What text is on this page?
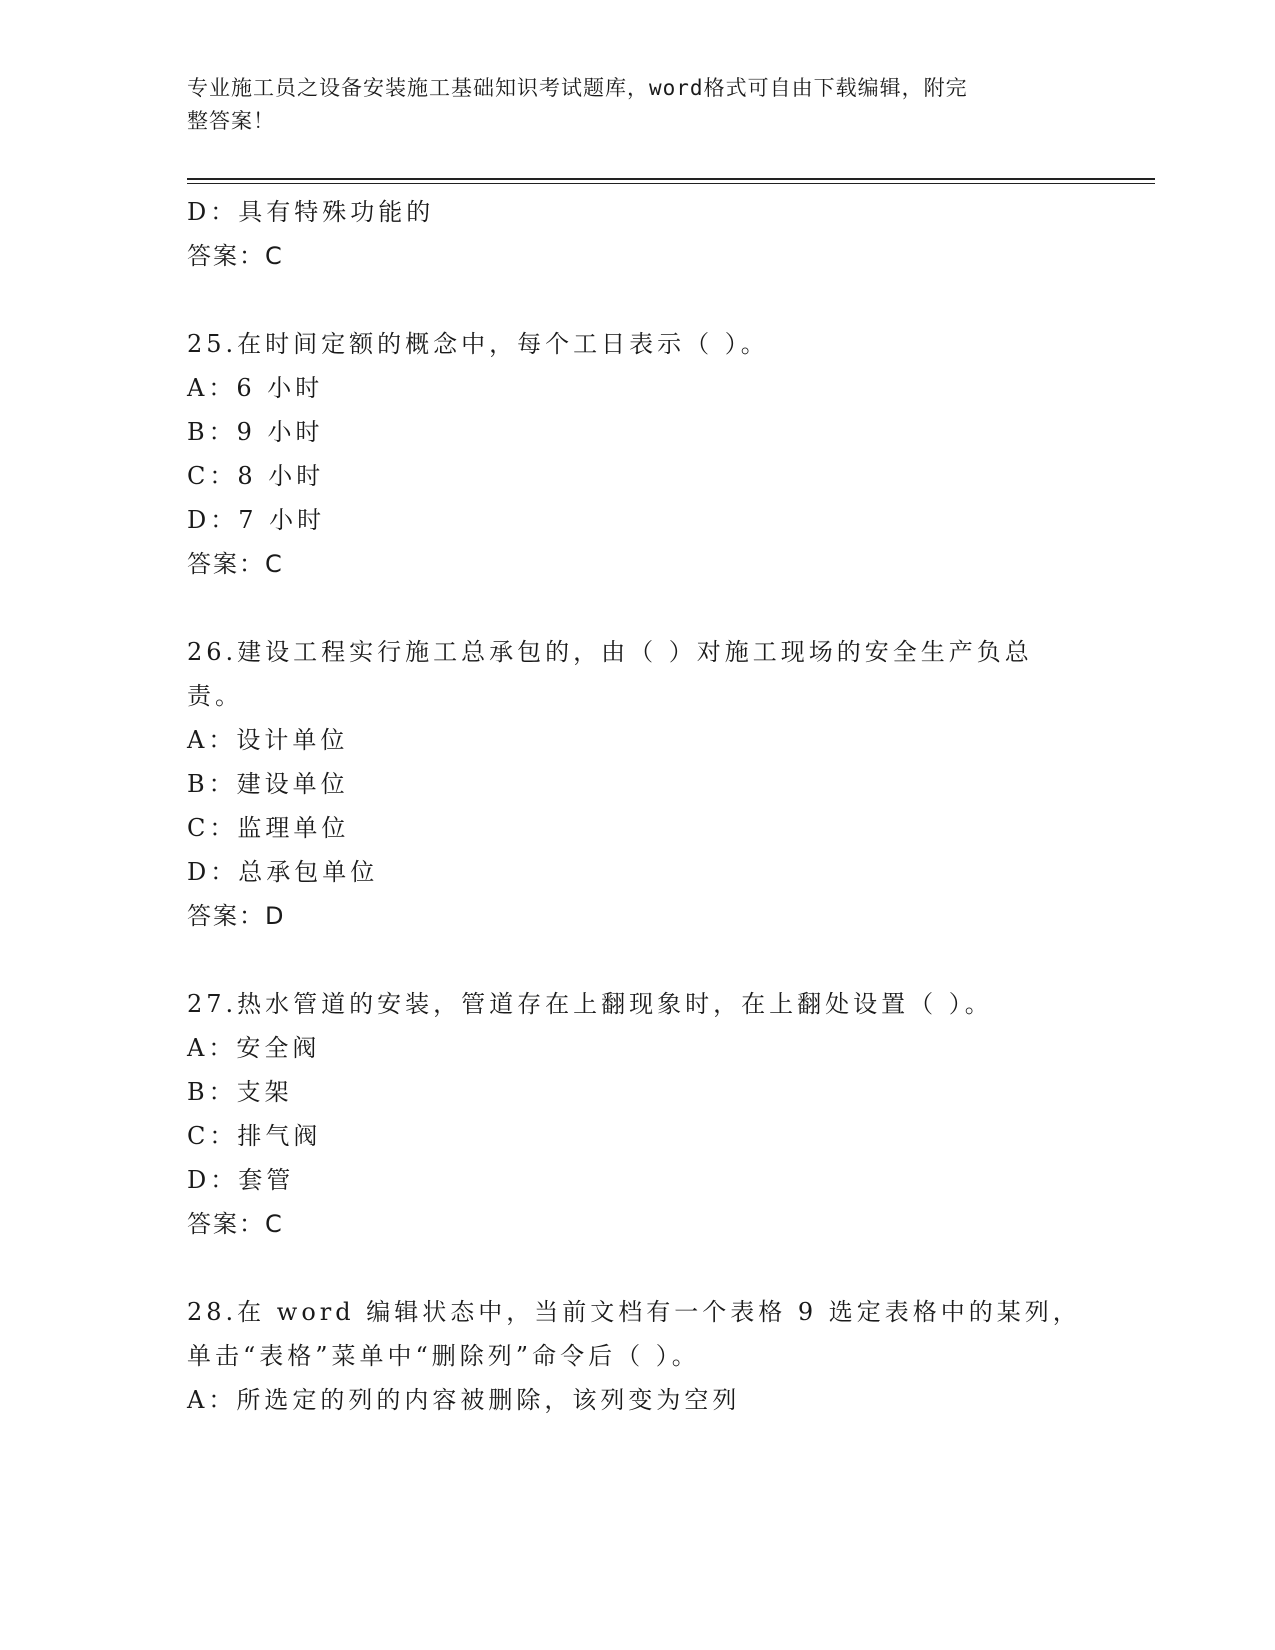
专业施工员之设备安装施工基础知识考试题库，word格式可自由下载编辑，附完
整答案！
D：具有特殊功能的
答案：C
25.在时间定额的概念中，每个工日表示（ ）。
A：6 小时
B：9 小时
C：8 小时
D：7 小时
答案：C
26.建设工程实行施工总承包的，由（ ）对施工现场的安全生产负总
责。
A：设计单位
B：建设单位
C：监理单位
D：总承包单位
答案：D
27.热水管道的安装，管道存在上翻现象时，在上翻处设置（ ）。
A：安全阀
B：支架
C：排气阀
D：套管
答案：C
28.在 word 编辑状态中，当前文档有一个表格 9 选定表格中的某列，
单击“表格”菜单中“删除列”命令后（ ）。
A：所选定的列的内容被删除，该列变为空列
